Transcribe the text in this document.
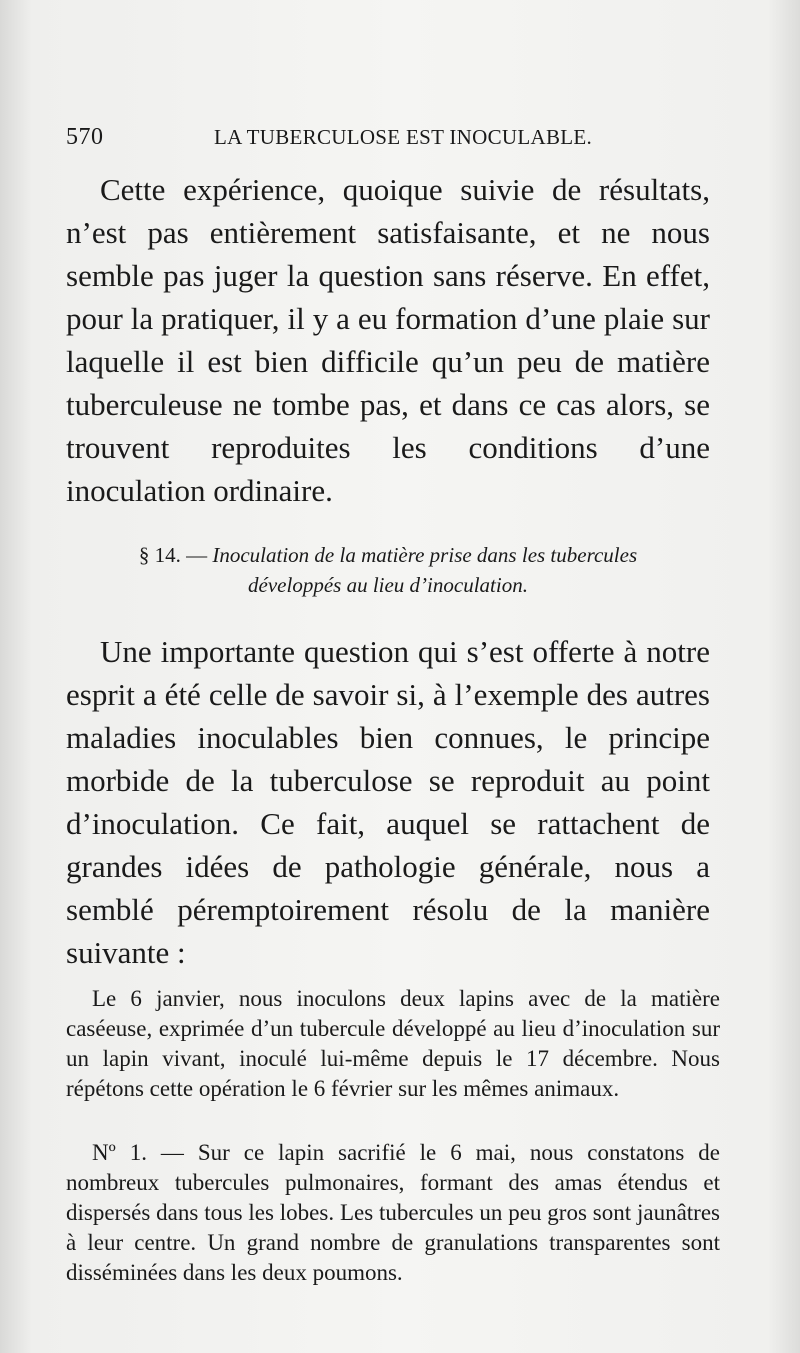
570	LA TUBERCULOSE EST INOCULABLE.

Cette expérience, quoique suivie de résultats, n’est pas entièrement satisfaisante, et ne nous semble pas juger la question sans réserve. En effet, pour la pratiquer, il y a eu formation d’une plaie sur laquelle il est bien difficile qu’un peu de matière tuberculeuse ne tombe pas, et dans ce cas alors, se trouvent reproduites les conditions d’une inoculation ordinaire.

§ 14. — Inoculation de la matière prise dans les tubercules
développés au lieu d’inoculation.

Une importante question qui s’est offerte à notre esprit a été celle de savoir si, à l’exemple des autres maladies inoculables bien connues, le principe morbide de la tuberculose se reproduit au point d’inoculation. Ce fait, auquel se rattachent de grandes idées de pathologie générale, nous a semblé péremptoirement résolu de la manière suivante :

Le 6 janvier, nous inoculons deux lapins avec de la matière caséeuse, exprimée d’un tubercule développé au lieu d’inoculation sur un lapin vivant, inoculé lui-même depuis le 17 décembre. Nous répétons cette opération le 6 février sur les mêmes animaux.

Nº 1. — Sur ce lapin sacrifié le 6 mai, nous constatons de nombreux tubercules pulmonaires, formant des amas étendus et dispersés dans tous les lobes. Les tubercules un peu gros sont jaunâtres à leur centre. Un grand nombre de granulations transparentes sont disséminées dans les deux poumons.
